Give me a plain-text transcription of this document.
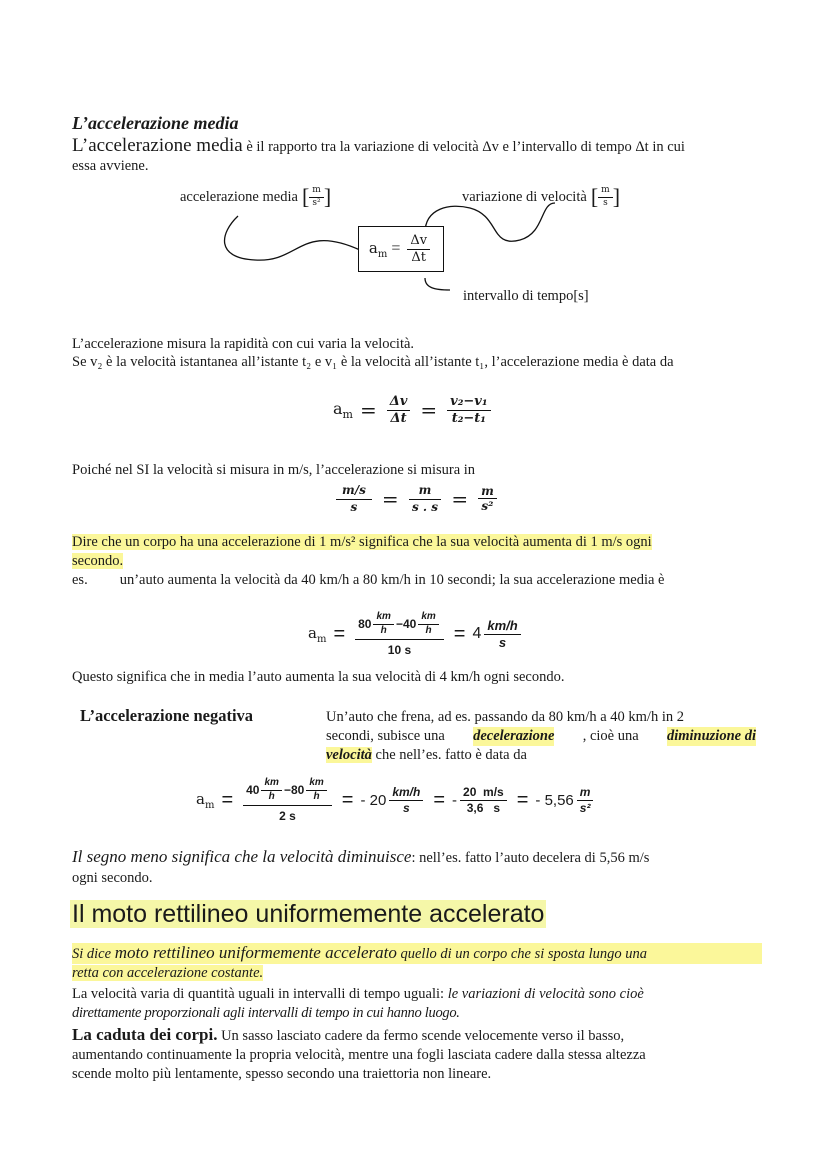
L’accelerazione media
L’accelerazione media è il rapporto tra la variazione di velocità Δv e l’intervallo di tempo Δt in cui
essa avviene.
accelerazione media [ $\frac{m}{\text{s²}}$ ]	variazione di velocità [ $\frac{m}{s}$ ]
$a_m = \frac{\Delta v}{\Delta t}$
intervallo di tempo[s]
L’accelerazione misura la rapidità con cui varia la velocità.
Se v₂ è la velocità istantanea all’istante t₂ e v₁ è la velocità all’istante t₁, l’accelerazione media è data da
$a_m = \frac{\Delta v}{\Delta t} = \frac{\text{v₂−v₁}}{\text{t₂−t₁}}$
Poiché nel SI la velocità si misura in m/s, l’accelerazione si misura in
$\frac{m/s}{s} = \frac{m}{s . s} = \frac{m}{\text{s²}}$
Dire che un corpo ha una accelerazione di 1 m/s² significa che la sua velocità aumenta di 1 m/s ogni
secondo.
es. un’auto aumenta la velocità da 40 km/h a 80 km/h in 10 secondi; la sua accelerazione media è
$a_m = \frac{80 \frac{km}{h} - 40 \frac{km}{h}}{10 s} = 4 \frac{km/h}{s}$
Questo significa che in media l’auto aumenta la sua velocità di 4 km/h ogni secondo.
L’accelerazione negativa	Un’auto che frena, ad es. passando da 80 km/h a 40 km/h in 2
secondi, subisce una decelerazione , cioè una diminuzione di
velocità che nell’es. fatto è data da
$a_m = \frac{40 \frac{km}{h} - 80 \frac{km}{h}}{2 s}$ = - $20 \frac{km/h}{s}$ = - $\frac{20 m/s}{3,6 s}$ = - $5,56 \frac{m}{\text{s²}}$
Il segno meno significa che la velocità diminuisce: nell’es. fatto l’auto decelera di 5,56 m/s
ogni secondo.
Il moto rettilineo uniformemente accelerato
Si dice moto rettilineo uniformemente accelerato quello di un corpo che si sposta lungo una
retta con accelerazione costante.
La velocità varia di quantità uguali in intervalli di tempo uguali: le variazioni di velocità sono cioè
direttamente proporzionali agli intervalli di tempo in cui hanno luogo.
La caduta dei corpi. Un sasso lasciato cadere da fermo scende velocemente verso il basso,
aumentando continuamente la propria velocità, mentre una fogli lasciata cadere dalla stessa altezza
scende molto più lentamente, spesso secondo una traiettoria non lineare.
